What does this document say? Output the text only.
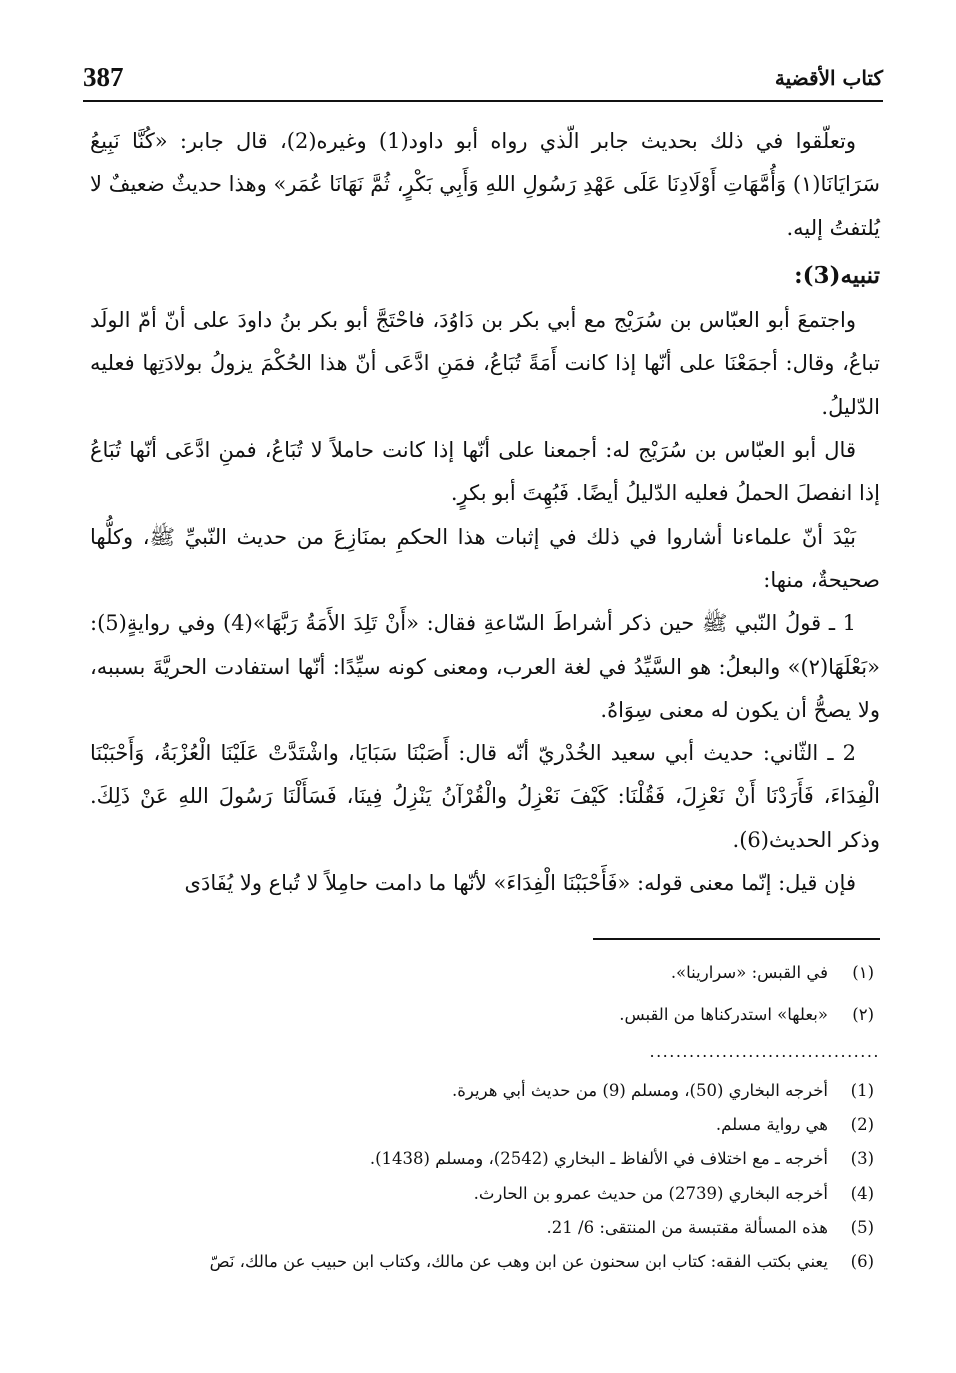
387	كتاب الأقضية

وتعلّقوا في ذلك بحديث جابر الّذي رواه أبو داود(1) وغيره(2)، قال جابر: «كُنَّا نَبِيعُ سَرَايَانَا(١) وَأُمَّهَاتِ أَوْلَادِنَا عَلَى عَهْدِ رَسُولِ اللهِ وَأَبِي بَكْرٍ، ثُمَّ نَهَانَا عُمَر» وهذا حديثٌ ضعيفٌ لا يُلتفتُ إليه.

تنبيه(3):

واجتمعَ أبو العبّاس بن سُرَيْج مع أبي بكر بن دَاوُدَ، فاحْتَجَّ أبو بكر بنُ داودَ على أنّ أمّ الولَد تباعُ، وقال: أجمَعْنَا على أنّها إذا كانت أَمَةً تُبَاعُ، فمَنِ ادَّعَى أنّ هذا الحُكْمَ يزولُ بولادَتِها فعليه الدّليلُ.

قال أبو العبّاس بن سُرَيْج له: أجمعنا على أنّها إذا كانت حاملاً لا تُبَاعُ، فمنِ ادَّعَى أنّها تُبَاعُ إذا انفصلَ الحملُ فعليه الدّليلُ أيضًا. فَبُهِتَ أبو بكرٍ.

بَيْدَ أنّ علماءنا أشاروا في ذلك في إثبات هذا الحكمِ بمنَازِعَ من حديث النّبيِّ ﷺ، وكلُّها صحيحةٌ، منها:

1 ـ قولُ النّبي ﷺ حين ذكر أشراطَ السّاعةِ فقال: «أَنْ تَلِدَ الأَمَةُ رَبَّهَا»(4) وفي روايةٍ(5): «بَعْلَهَا(٢)» والبعلُ: هو السَّيِّدُ في لغة العرب، ومعنى كونه سيِّدًا: أنّها استفادت الحريَّةَ بسببه، ولا يصحُّ أن يكون له معنى سِوَاهُ.

2 ـ الثّاني: حديث أبي سعيد الخُدْريّ أنّه قال: أَصَبْنَا سَبَايَا، واشْتَدَّتْ عَلَيْنَا الْعُزْبَةُ، وَأَحْبَبْنَا الْفِدَاءَ، فَأَرَدْنَا أَنْ نَعْزِلَ، فَقُلْنَا: كَيْفَ نَعْزِلُ والْقُرْآنُ يَنْزِلُ فِينَا، فَسَأَلْنَا رَسُولَ اللهِ عَنْ ذَلِكَ. وذكر الحديث(6).

فإن قيل: إنّما معنى قوله: «فَأَحْبَبْنَا الْفِدَاءَ» لأنّها ما دامت حامِلاً لا تُباع ولا يُفَادَى

(١)
في القبس: «سرارينا».
(٢)
«بعلها» استدركناها من القبس.
...................................
(1)
أخرجه البخاري (50)، ومسلم (9) من حديث أبي هريرة.
(2)
هي رواية مسلم.
(3)
أخرجه ـ مع اختلاف في الألفاظ ـ البخاري (2542)، ومسلم (1438).
(4)
أخرجه البخاري (2739) من حديث عمرو بن الحارث.
(5)
هذه المسألة مقتبسة من المنتقى: 6/ 21.
(6)
يعني بكتب الفقه: كتاب ابن سحنون عن ابن وهب عن مالك، وكتاب ابن حبيب عن مالك، نَصّ
